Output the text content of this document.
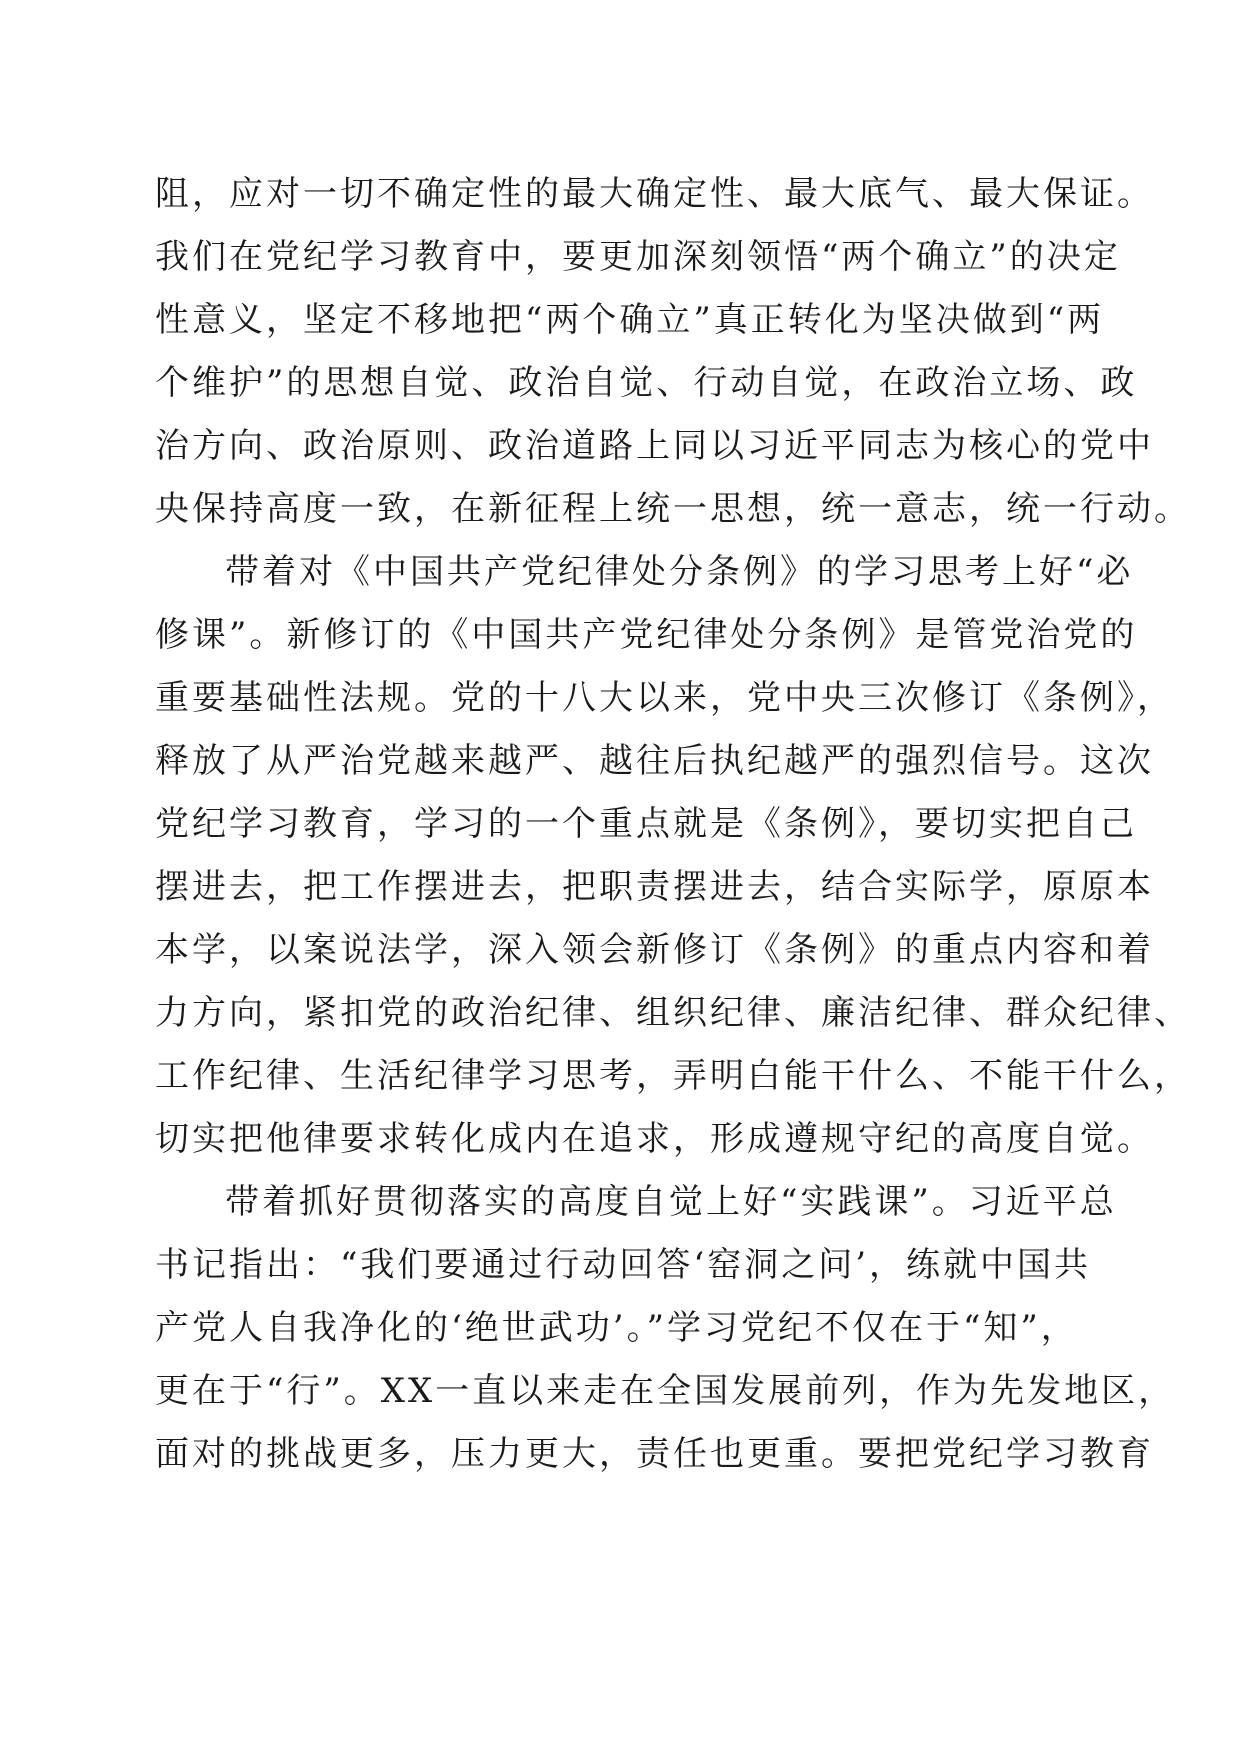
阻，应对一切不确定性的最大确定性、最大底气、最大保证。
我们在党纪学习教育中，要更加深刻领悟“两个确立”的决定
性意义，坚定不移地把“两个确立”真正转化为坚决做到“两
个维护”的思想自觉、政治自觉、行动自觉，在政治立场、政
治方向、政治原则、政治道路上同以习近平同志为核心的党中
央保持高度一致，在新征程上统一思想，统一意志，统一行动。
带着对《中国共产党纪律处分条例》的学习思考上好“必
修课”。新修订的《中国共产党纪律处分条例》是管党治党的
重要基础性法规。党的十八大以来，党中央三次修订《条例》，
释放了从严治党越来越严、越往后执纪越严的强烈信号。这次
党纪学习教育，学习的一个重点就是《条例》，要切实把自己
摆进去，把工作摆进去，把职责摆进去，结合实际学，原原本
本学，以案说法学，深入领会新修订《条例》的重点内容和着
力方向，紧扣党的政治纪律、组织纪律、廉洁纪律、群众纪律、
工作纪律、生活纪律学习思考，弄明白能干什么、不能干什么，
切实把他律要求转化成内在追求，形成遵规守纪的高度自觉。
带着抓好贯彻落实的高度自觉上好“实践课”。习近平总
书记指出：“我们要通过行动回答‘窑洞之问’，练就中国共
产党人自我净化的‘绝世武功’。”学习党纪不仅在于“知”，
更在于“行”。XX一直以来走在全国发展前列，作为先发地区，
面对的挑战更多，压力更大，责任也更重。要把党纪学习教育
